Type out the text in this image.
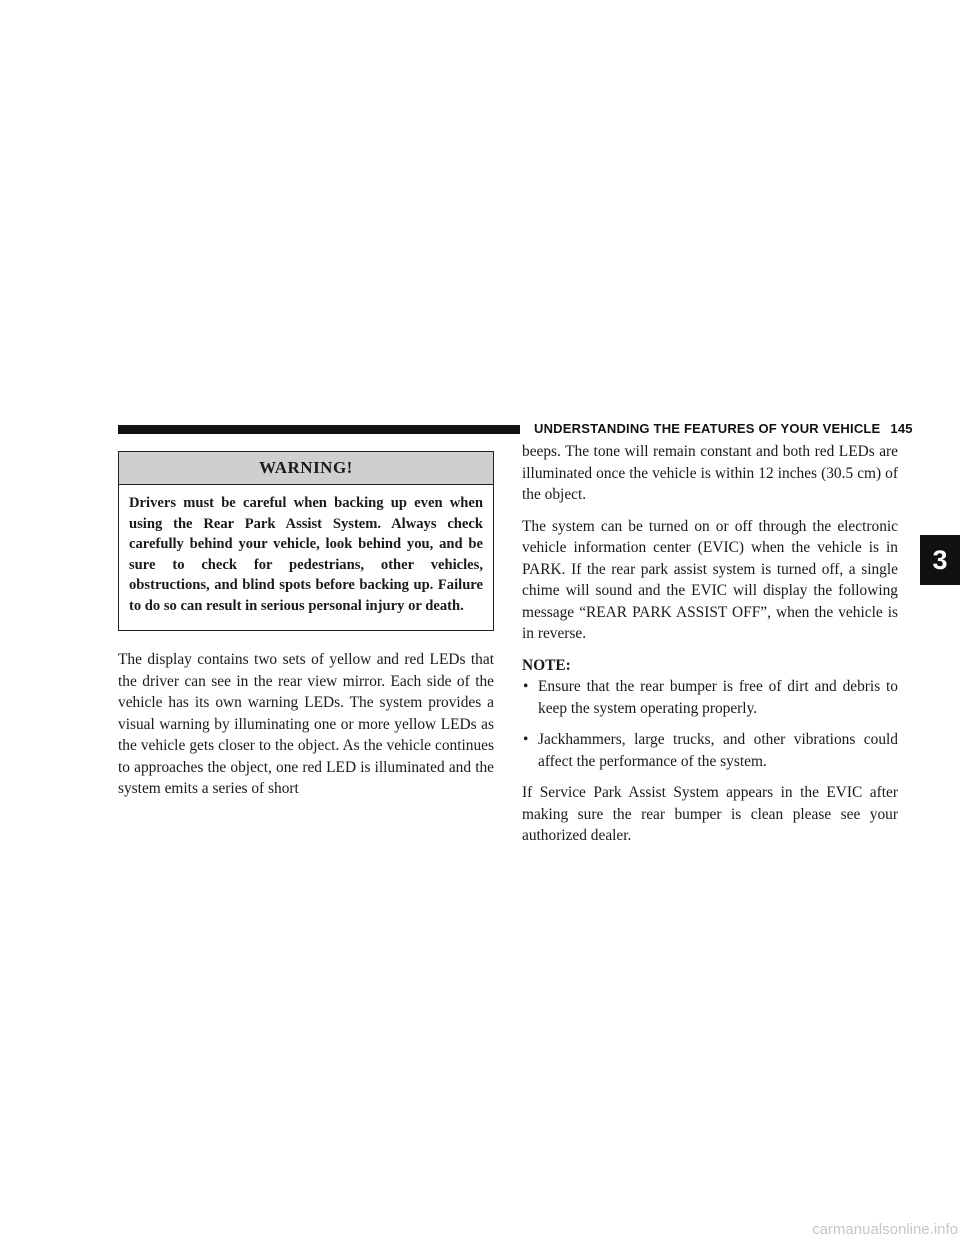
UNDERSTANDING THE FEATURES OF YOUR VEHICLE 145
3
WARNING!

Drivers must be careful when backing up even when using the Rear Park Assist System. Always check carefully behind your vehicle, look behind you, and be sure to check for pedestrians, other vehicles, obstructions, and blind spots before backing up. Failure to do so can result in serious personal injury or death.

The display contains two sets of yellow and red LEDs that the driver can see in the rear view mirror. Each side of the vehicle has its own warning LEDs. The system provides a visual warning by illuminating one or more yellow LEDs as the vehicle gets closer to the object. As the vehicle continues to approaches the object, one red LED is illuminated and the system emits a series of short

beeps. The tone will remain constant and both red LEDs are illuminated once the vehicle is within 12 inches (30.5 cm) of the object.

The system can be turned on or off through the electronic vehicle information center (EVIC) when the vehicle is in PARK. If the rear park assist system is turned off, a single chime will sound and the EVIC will display the following message “REAR PARK ASSIST OFF”, when the vehicle is in reverse.

NOTE:
• Ensure that the rear bumper is free of dirt and debris to keep the system operating properly.
• Jackhammers, large trucks, and other vibrations could affect the performance of the system.

If Service Park Assist System appears in the EVIC after making sure the rear bumper is clean please see your authorized dealer.

carmanualsonline.info
